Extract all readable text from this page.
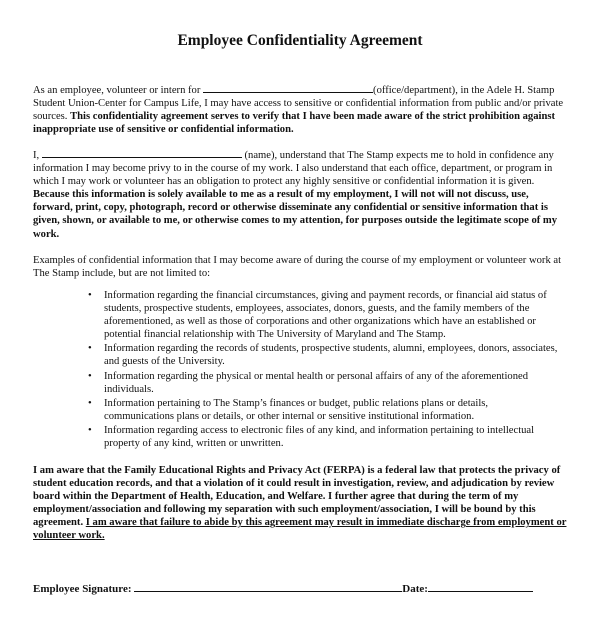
Employee Confidentiality Agreement
As an employee, volunteer or intern for	(office/department), in the Adele H. Stamp Student Union-Center for Campus Life, I may have access to sensitive or confidential information from public and/or private sources. This confidentiality agreement serves to verify that I have been made aware of the strict prohibition against inappropriate use of sensitive or confidential information.
I,	(name), understand that The Stamp expects me to hold in confidence any information I may become privy to in the course of my work. I also understand that each office, department, or program in which I may work or volunteer has an obligation to protect any highly sensitive or confidential information it is given. Because this information is solely available to me as a result of my employment, I will not will not discuss, use, forward, print, copy, photograph, record or otherwise disseminate any confidential or sensitive information that is given, shown, or available to me, or otherwise comes to my attention, for purposes outside the legitimate scope of my work.
Examples of confidential information that I may become aware of during the course of my employment or volunteer work at The Stamp include, but are not limited to:
• Information regarding the financial circumstances, giving and payment records, or financial aid status of students, prospective students, employees, associates, donors, guests, and the family members of the aforementioned, as well as those of corporations and other organizations which have an established or potential financial relationship with The University of Maryland and The Stamp.
• Information regarding the records of students, prospective students, alumni, employees, donors, associates, and guests of the University.
• Information regarding the physical or mental health or personal affairs of any of the aforementioned individuals.
• Information pertaining to The Stamp’s finances or budget, public relations plans or details, communications plans or details, or other internal or sensitive institutional information.
• Information regarding access to electronic files of any kind, and information pertaining to intellectual property of any kind, written or unwritten.
I am aware that the Family Educational Rights and Privacy Act (FERPA) is a federal law that protects the privacy of student education records, and that a violation of it could result in investigation, review, and adjudication by review board within the Department of Health, Education, and Welfare. I further agree that during the term of my employment/association and following my separation with such employment/association, I will be bound by this agreement. I am aware that failure to abide by this agreement may result in immediate discharge from employment or volunteer work.
Employee Signature:	Date:
